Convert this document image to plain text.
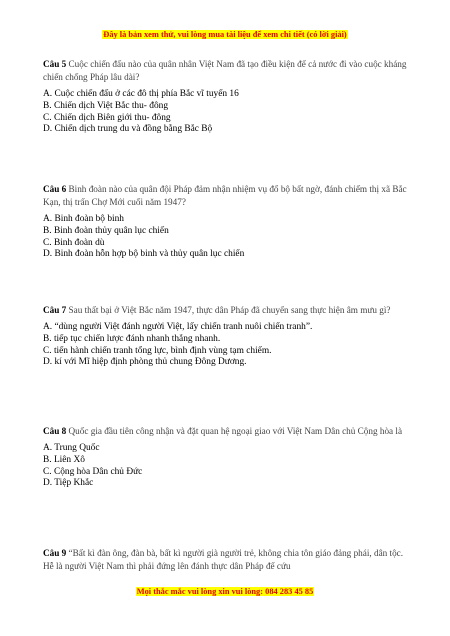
Đây là bản xem thử, vui lòng mua tài liệu để xem chi tiết (có lời giải)

Câu 5 Cuộc chiến đấu nào của quân nhân Việt Nam đã tạo điều kiện để cả nước đi vào cuộc kháng chiến chống Pháp lâu dài?

A. Cuộc chiến đấu ở các đô thị phía Bắc vĩ tuyến 16

B. Chiến dịch Việt Bắc thu- đông

C. Chiến dịch Biên giới thu- đông

D. Chiến dịch trung du và đồng bằng Bắc Bộ

Câu 6 Binh đoàn nào của quân đội Pháp đảm nhận nhiệm vụ đổ bộ bất ngờ, đánh chiếm thị xã Bắc Kạn, thị trấn Chợ Mới cuối năm 1947?

A. Binh đoàn bộ binh

B. Binh đoàn thủy quân lục chiến

C. Binh đoàn dù

D. Binh đoàn hỗn hợp bộ binh và thủy quân lục chiến

Câu 7 Sau thất bại ở Việt Bắc năm 1947, thực dân Pháp đã chuyển sang thực hiện âm mưu gì?

A. “dùng người Việt đánh người Việt, lấy chiến tranh nuôi chiến tranh”.

B. tiếp tục chiến lược đánh nhanh thắng nhanh.

C. tiến hành chiến tranh tổng lực, bình định vùng tạm chiếm.

D. kí với Mĩ hiệp định phòng thủ chung Đông Dương.

Câu 8 Quốc gia đầu tiên công nhận và đặt quan hệ ngoại giao với Việt Nam Dân chủ Cộng hòa là

A. Trung Quốc

B. Liên Xô

C. Cộng hòa Dân chủ Đức

D. Tiệp Khắc

Câu 9 “Bất kì đàn ông, đàn bà, bất kì người già người trẻ, không chia tôn giáo đảng phái, dân tộc. Hễ là người Việt Nam thì phải đứng lên đánh thực dân Pháp để cứu

Mọi thắc mắc vui lòng xin vui lòng: 084 283 45 85
